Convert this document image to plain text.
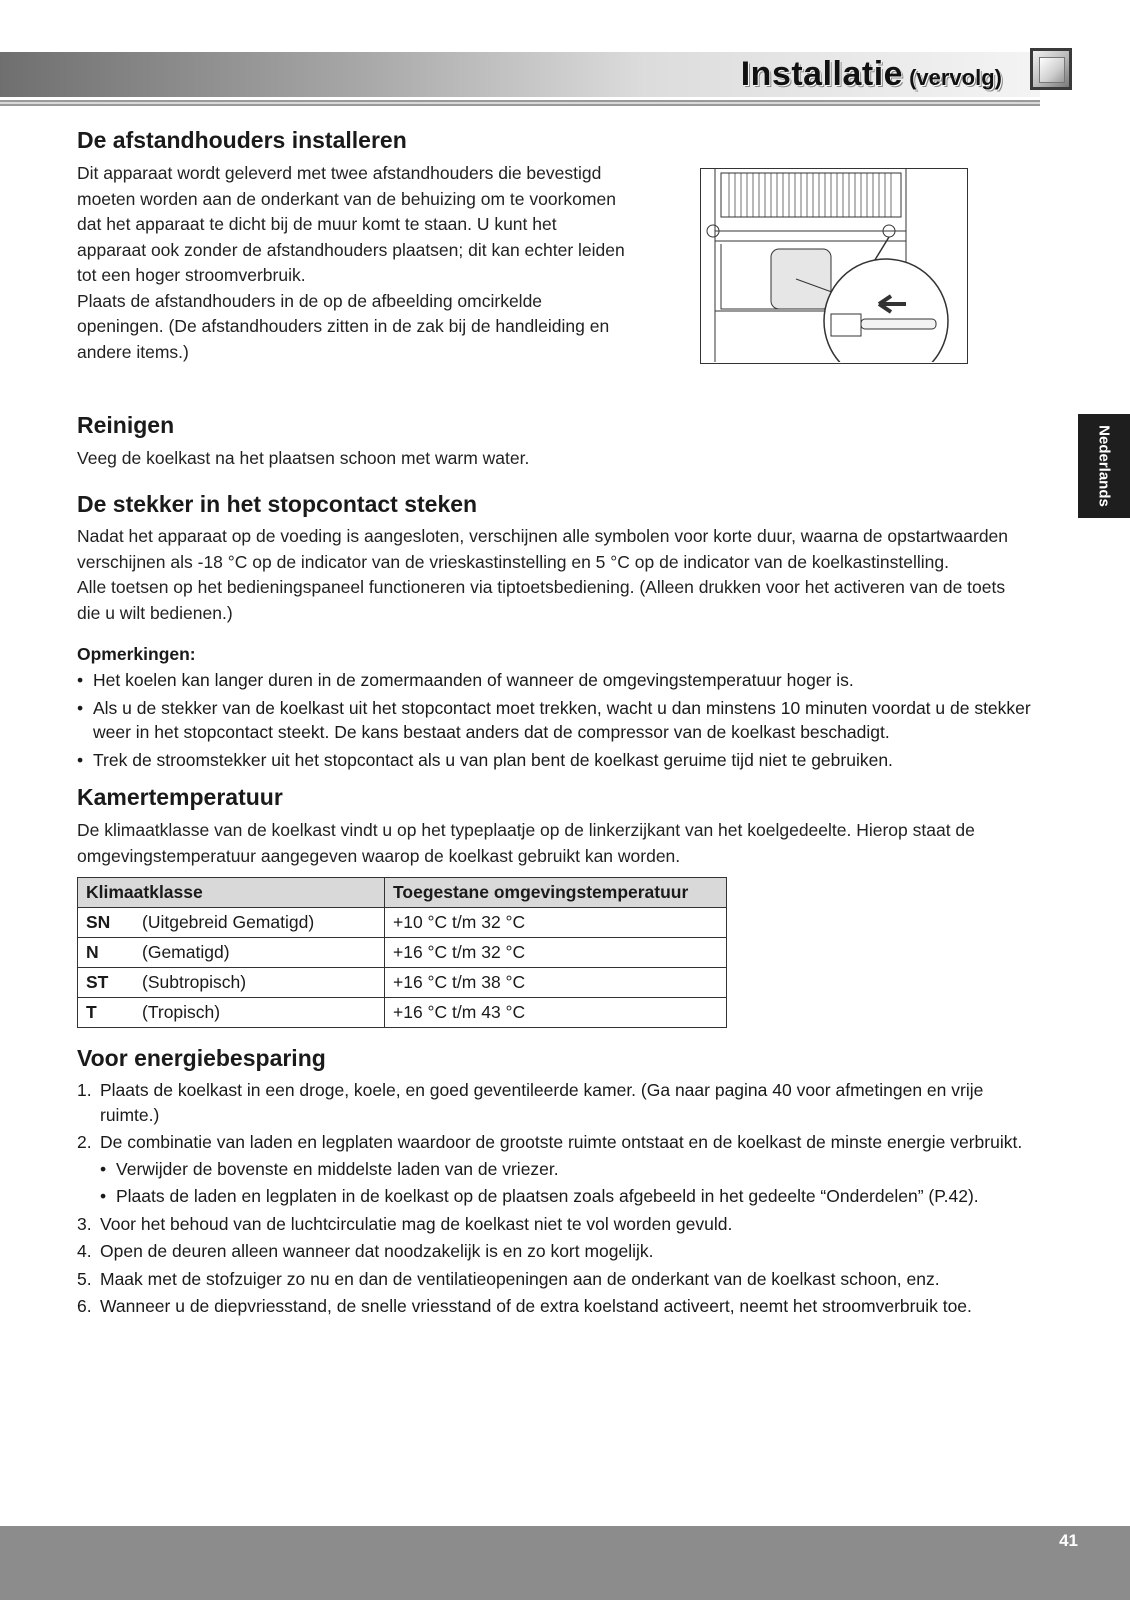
Installatie (vervolg)
Nederlands
De afstandhouders installeren
Dit apparaat wordt geleverd met twee afstandhouders die bevestigd
moeten worden aan de onderkant van de behuizing om te voorkomen
dat het apparaat te dicht bij de muur komt te staan. U kunt het
apparaat ook zonder de afstandhouders plaatsen; dit kan echter leiden
tot een hoger stroomverbruik.
Plaats de afstandhouders in de op de afbeelding omcirkelde
openingen. (De afstandhouders zitten in de zak bij de handleiding en
andere items.)
Reinigen
Veeg de koelkast na het plaatsen schoon met warm water.
De stekker in het stopcontact steken
Nadat het apparaat op de voeding is aangesloten, verschijnen alle symbolen voor korte duur, waarna de opstartwaarden
verschijnen als -18 °C op de indicator van de vrieskastinstelling en 5 °C op de indicator van de koelkastinstelling.
Alle toetsen op het bedieningspaneel functioneren via tiptoetsbediening. (Alleen drukken voor het activeren van de toets
die u wilt bedienen.)
Opmerkingen:
• Het koelen kan langer duren in de zomermaanden of wanneer de omgevingstemperatuur hoger is.
• Als u de stekker van de koelkast uit het stopcontact moet trekken, wacht u dan minstens 10 minuten voordat u de stekker weer in het stopcontact steekt. De kans bestaat anders dat de compressor van de koelkast beschadigt.
• Trek de stroomstekker uit het stopcontact als u van plan bent de koelkast geruime tijd niet te gebruiken.
Kamertemperatuur
De klimaatklasse van de koelkast vindt u op het typeplaatje op de linkerzijkant van het koelgedeelte. Hierop staat de
omgevingstemperatuur aangegeven waarop de koelkast gebruikt kan worden.
Klimaatklasse		Toegestane omgevingstemperatuur
SN	(Uitgebreid Gematigd)	+10 °C t/m 32 °C
N	(Gematigd)	+16 °C t/m 32 °C
ST	(Subtropisch)	+16 °C t/m 38 °C
T	(Tropisch)	+16 °C t/m 43 °C
Voor energiebesparing
1. Plaats de koelkast in een droge, koele, en goed geventileerde kamer. (Ga naar pagina 40 voor afmetingen en vrije ruimte.)
2. De combinatie van laden en legplaten waardoor de grootste ruimte ontstaat en de koelkast de minste energie verbruikt.
• Verwijder de bovenste en middelste laden van de vriezer.
• Plaats de laden en legplaten in de koelkast op de plaatsen zoals afgebeeld in het gedeelte “Onderdelen” (P.42).
3. Voor het behoud van de luchtcirculatie mag de koelkast niet te vol worden gevuld.
4. Open de deuren alleen wanneer dat noodzakelijk is en zo kort mogelijk.
5. Maak met de stofzuiger zo nu en dan de ventilatieopeningen aan de onderkant van de koelkast schoon, enz.
6. Wanneer u de diepvriesstand, de snelle vriesstand of de extra koelstand activeert, neemt het stroomverbruik toe.
41
